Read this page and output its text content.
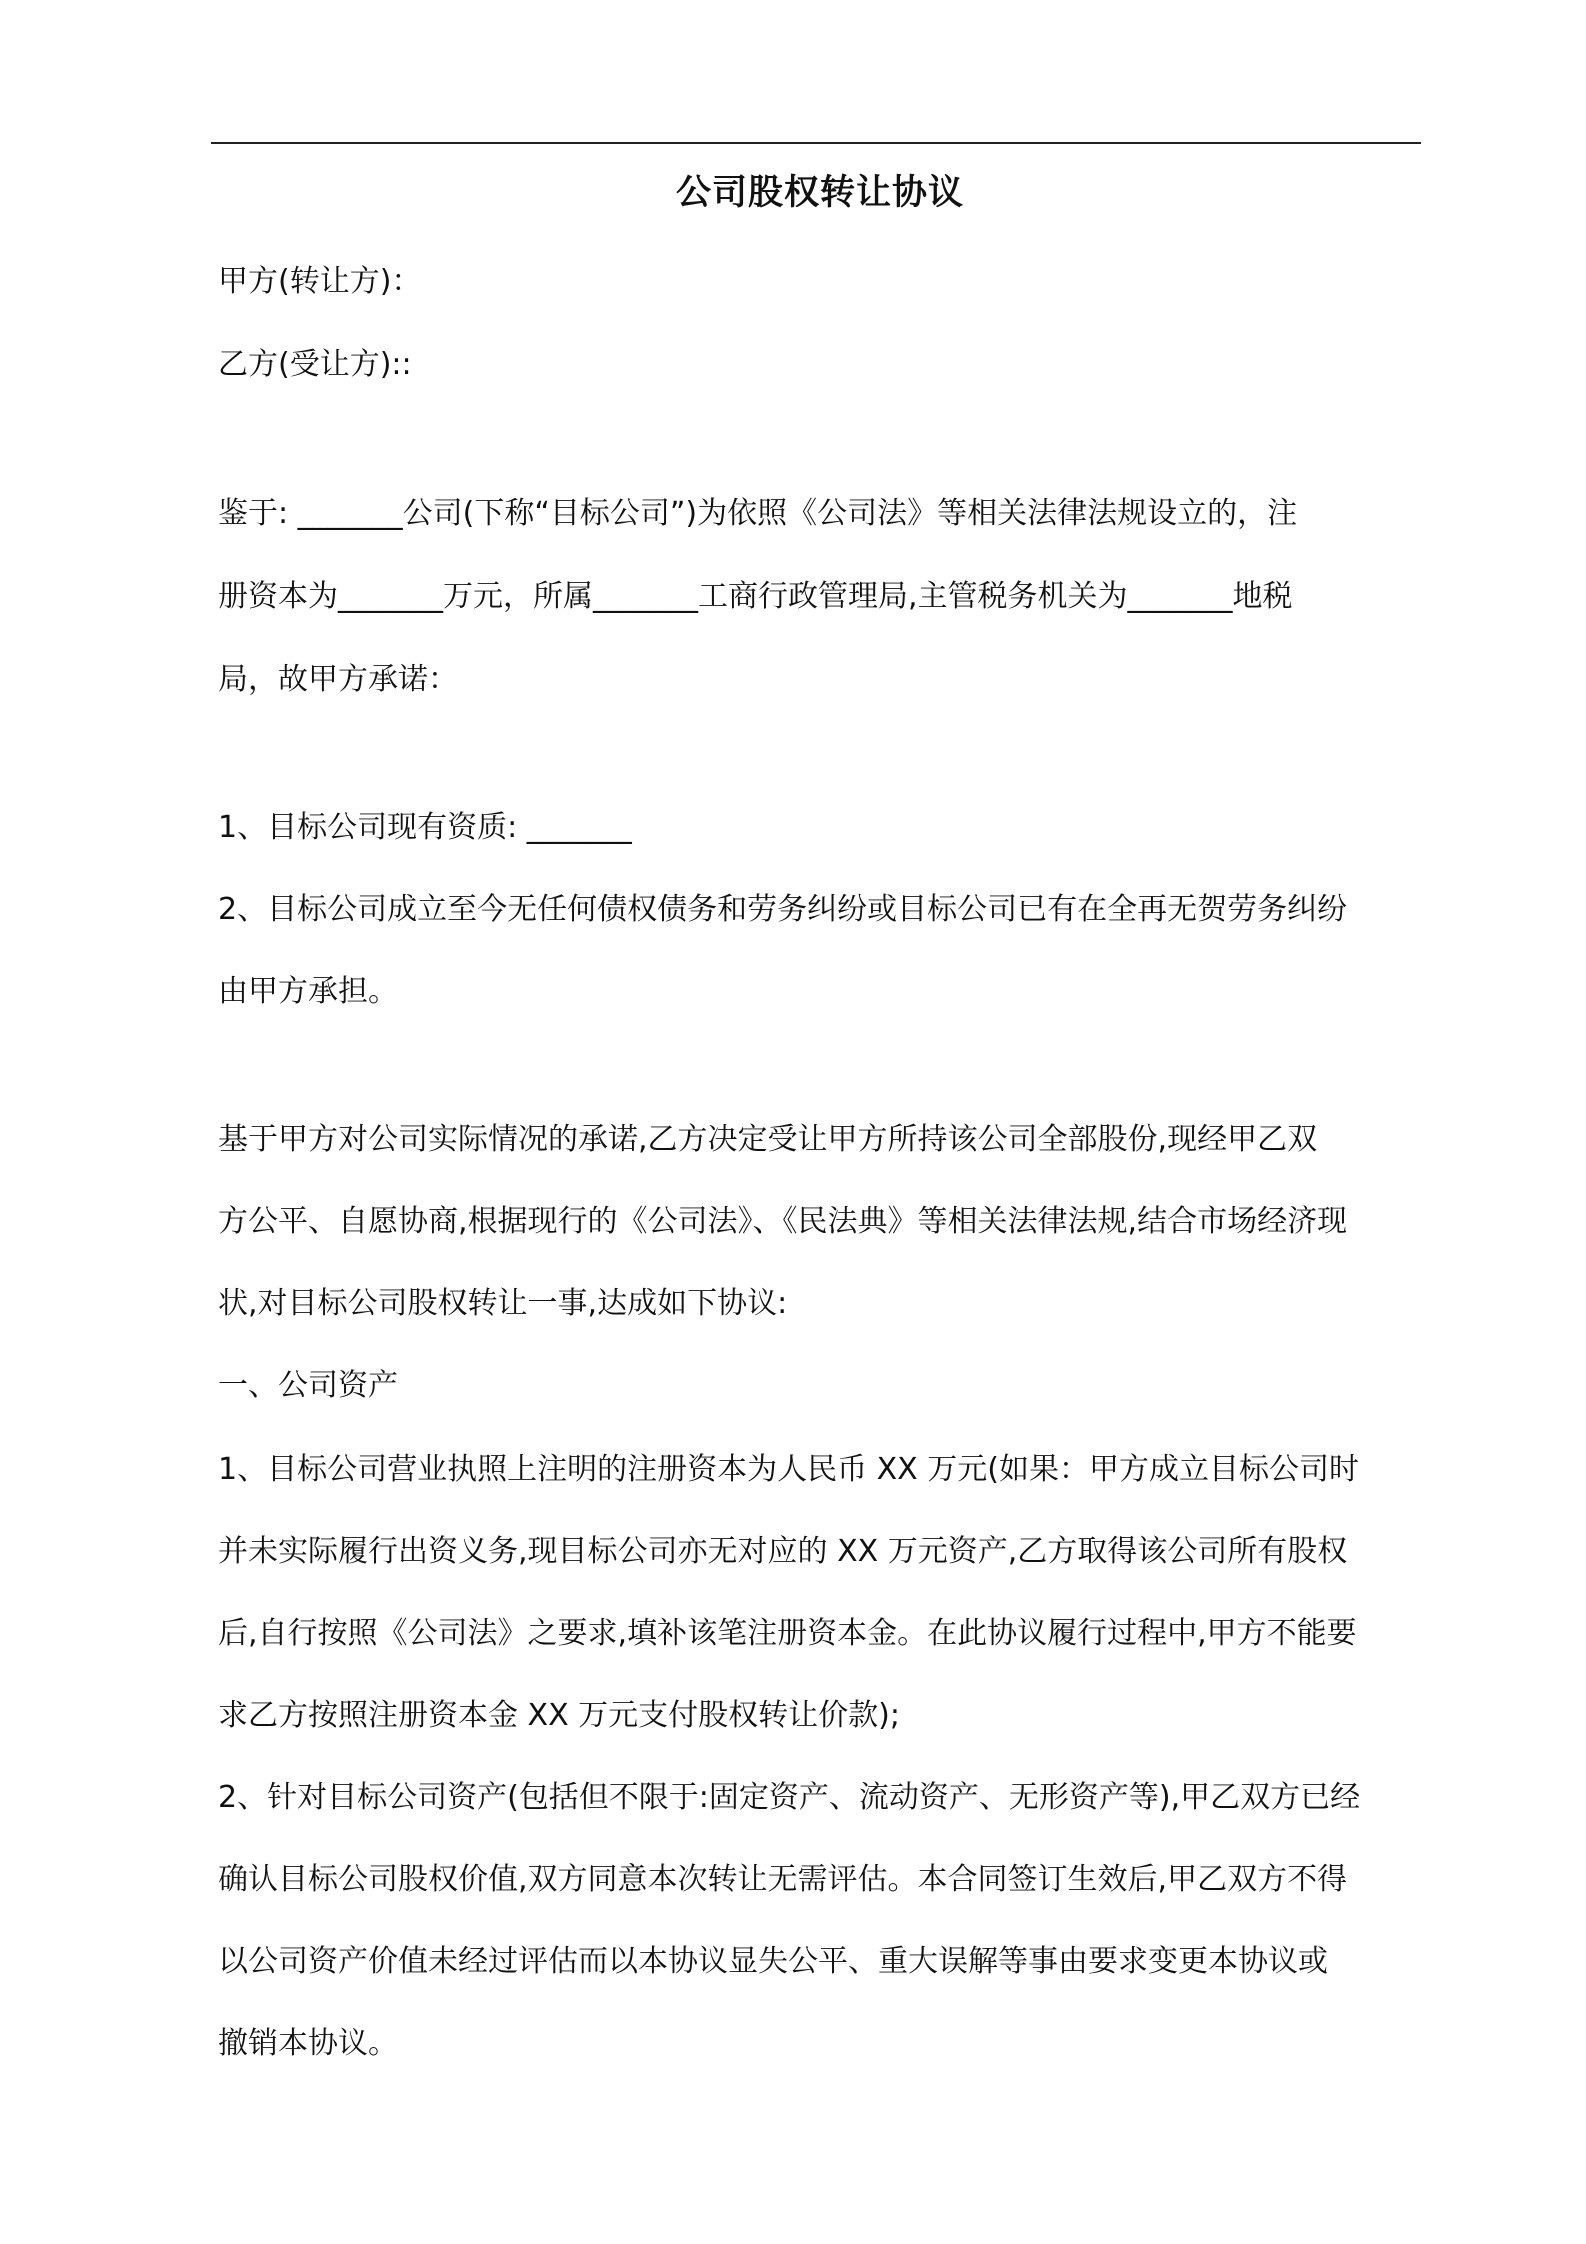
公司股权转让协议
甲方(转让方)：
乙方(受让方)::
鉴于: _______公司(下称“目标公司”)为依照《公司法》等相关法律法规设立的，注
册资本为_______万元，所属_______工商行政管理局,主管税务机关为_______地税
局，故甲方承诺：
1、目标公司现有资质: _______
2、目标公司成立至今无任何债权债务和劳务纠纷或目标公司已有在全再无贺劳务纠纷
由甲方承担。
基于甲方对公司实际情况的承诺,乙方决定受让甲方所持该公司全部股份,现经甲乙双
方公平、自愿协商,根据现行的《公司法》、《民法典》等相关法律法规,结合市场经济现
状,对目标公司股权转让一事,达成如下协议:
一、公司资产
1、目标公司营业执照上注明的注册资本为人民币 XX 万元(如果：甲方成立目标公司时
并未实际履行出资义务,现目标公司亦无对应的 XX 万元资产,乙方取得该公司所有股权
后,自行按照《公司法》之要求,填补该笔注册资本金。在此协议履行过程中,甲方不能要
求乙方按照注册资本金 XX 万元支付股权转让价款);
2、针对目标公司资产(包括但不限于:固定资产、流动资产、无形资产等),甲乙双方已经
确认目标公司股权价值,双方同意本次转让无需评估。本合同签订生效后,甲乙双方不得
以公司资产价值未经过评估而以本协议显失公平、重大误解等事由要求变更本协议或
撤销本协议。
